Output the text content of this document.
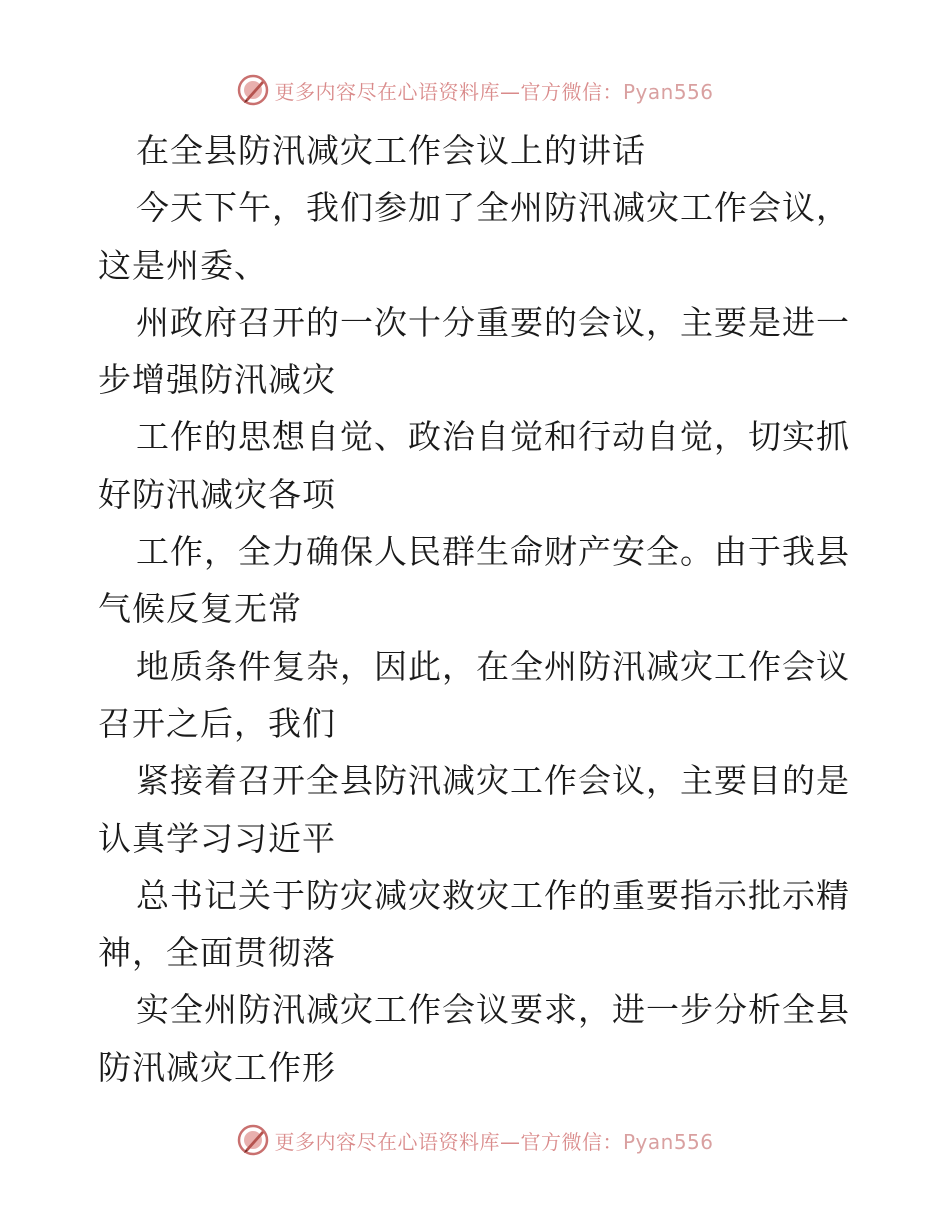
更多内容尽在心语资料库—官方微信：Pyan556
在全县防汛减灾工作会议上的讲话
今天下午，我们参加了全州防汛减灾工作会议，
这是州委、
州政府召开的一次十分重要的会议，主要是进一
步增强防汛减灾
工作的思想自觉、政治自觉和行动自觉，切实抓
好防汛减灾各项
工作，全力确保人民群生命财产安全。由于我县
气候反复无常
地质条件复杂，因此，在全州防汛减灾工作会议
召开之后，我们
紧接着召开全县防汛减灾工作会议，主要目的是
认真学习习近平
总书记关于防灾减灾救灾工作的重要指示批示精
神，全面贯彻落
实全州防汛减灾工作会议要求，进一步分析全县
防汛减灾工作形
更多内容尽在心语资料库—官方微信：Pyan556
